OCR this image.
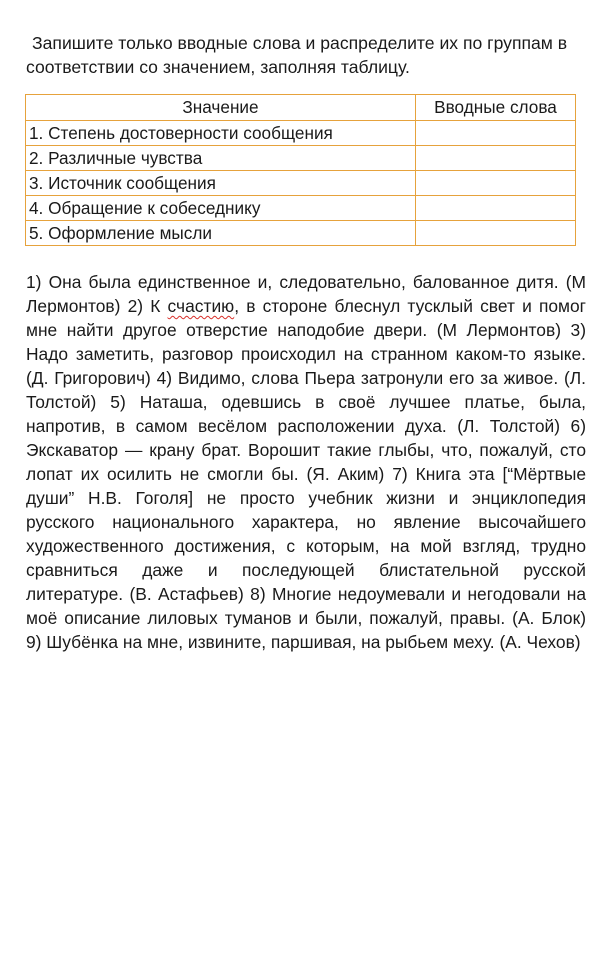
Запишите только вводные слова и распределите их по группам в соответствии со значением, заполняя таблицу.

Значение	Вводные слова
1. Степень достоверности сообщения	
2. Различные чувства	
3. Источник сообщения	
4. Обращение к собеседнику	
5. Оформление мысли	

1) Она была единственное и, следовательно, балованное дитя. (М Лермонтов) 2) К счастию, в стороне блеснул тусклый свет и помог мне найти другое отверстие наподобие двери. (М Лермонтов) 3) Надо заметить, разговор происходил на странном каком-то языке. (Д. Григорович) 4) Видимо, слова Пьера затронули его за живое. (Л. Толстой) 5) Наташа, одевшись в своё лучшее платье, была, напротив, в самом весёлом расположении духа. (Л. Толстой) 6) Экскаватор — крану брат. Ворошит такие глыбы, что, пожалуй, сто лопат их осилить не смогли бы. (Я. Аким) 7) Книга эта [“Мёртвые души” Н.В. Гоголя] не просто учебник жизни и энциклопедия русского национального характера, но явление высочайшего художественного достижения, с которым, на мой взгляд, трудно сравниться даже и последующей блистательной русской литературе. (В. Астафьев) 8) Многие недоумевали и негодовали на моё описание лиловых туманов и были, пожалуй, правы. (А. Блок) 9) Шубёнка на мне, извините, паршивая, на рыбьем меху. (А. Чехов)
